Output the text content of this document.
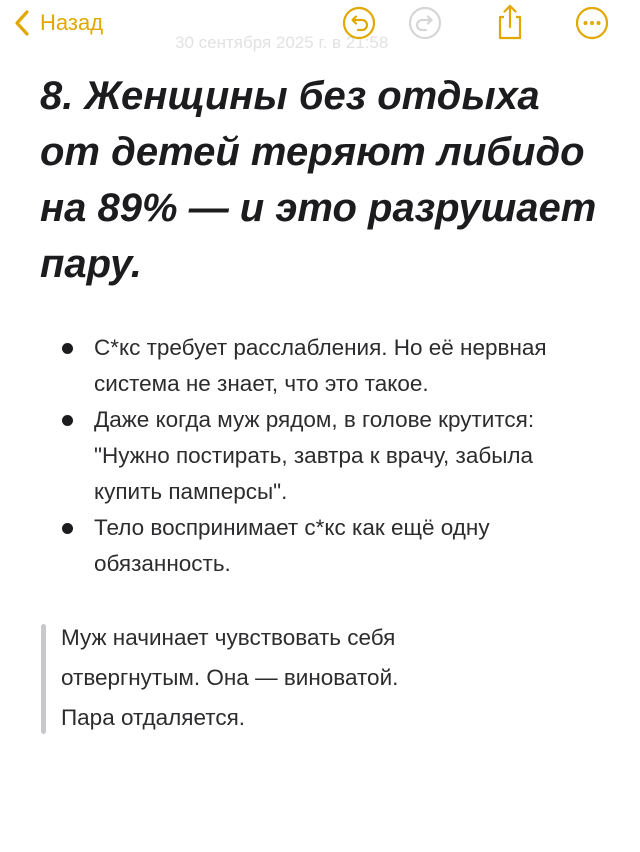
Назад
30 сентября 2025 г. в 21:58
8. Женщины без отдыха от детей теряют либидо на 89% — и это разрушает пару.
С*кс требует расслабления. Но её нервная система не знает, что это такое.
Даже когда муж рядом, в голове крутится: "Нужно постирать, завтра к врачу, забыла купить памперсы".
Тело воспринимает с*кс как ещё одну обязанность.
Муж начинает чувствовать себя
отвергнутым. Она — виноватой.
Пара отдаляется.
